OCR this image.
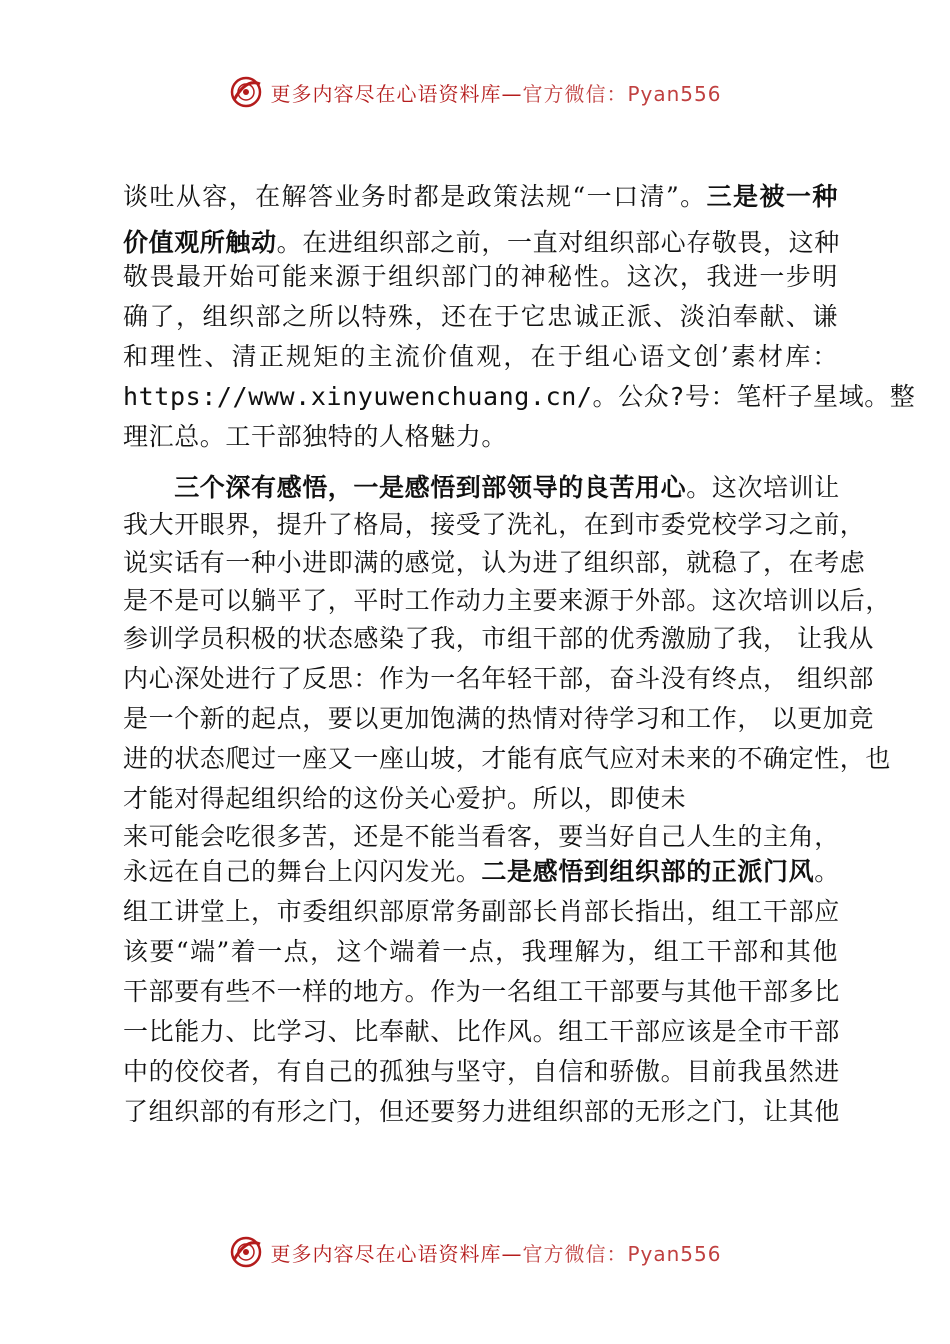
更多内容尽在心语资料库—官方微信：Pyan556
谈吐从容，在解答业务时都是政策法规“一口清”。三是被一种
价值观所触动。在进组织部之前，一直对组织部心存敬畏，这种
敬畏最开始可能来源于组织部门的神秘性。这次，我进一步明
确了，组织部之所以特殊，还在于它忠诚正派、淡泊奉献、谦
和理性、清正规矩的主流价值观，在于组心语文创’素材库：
https://www.xinyuwenchuang.cn/。公众?号：笔杆子星域。整
理汇总。工干部独特的人格魅力。
　　三个深有感悟，一是感悟到部领导的良苦用心。这次培训让
我大开眼界，提升了格局，接受了洗礼，在到市委党校学习之前，
说实话有一种小进即满的感觉，认为进了组织部，就稳了，在考虑
是不是可以躺平了，平时工作动力主要来源于外部。这次培训以后，
参训学员积极的状态感染了我，市组干部的优秀激励了我， 让我从
内心深处进行了反思：作为一名年轻干部，奋斗没有终点， 组织部
是一个新的起点，要以更加饱满的热情对待学习和工作， 以更加竞
进的状态爬过一座又一座山坡，才能有底气应对未来的不确定性，也
才能对得起组织给的这份关心爱护。所以，即使未
来可能会吃很多苦，还是不能当看客，要当好自己人生的主角，
永远在自己的舞台上闪闪发光。二是感悟到组织部的正派门风。
组工讲堂上，市委组织部原常务副部长肖部长指出，组工干部应
该要“端”着一点，这个端着一点，我理解为，组工干部和其他
干部要有些不一样的地方。作为一名组工干部要与其他干部多比
一比能力、比学习、比奉献、比作风。组工干部应该是全市干部
中的佼佼者，有自己的孤独与坚守，自信和骄傲。目前我虽然进
了组织部的有形之门，但还要努力进组织部的无形之门，让其他
更多内容尽在心语资料库—官方微信：Pyan556
